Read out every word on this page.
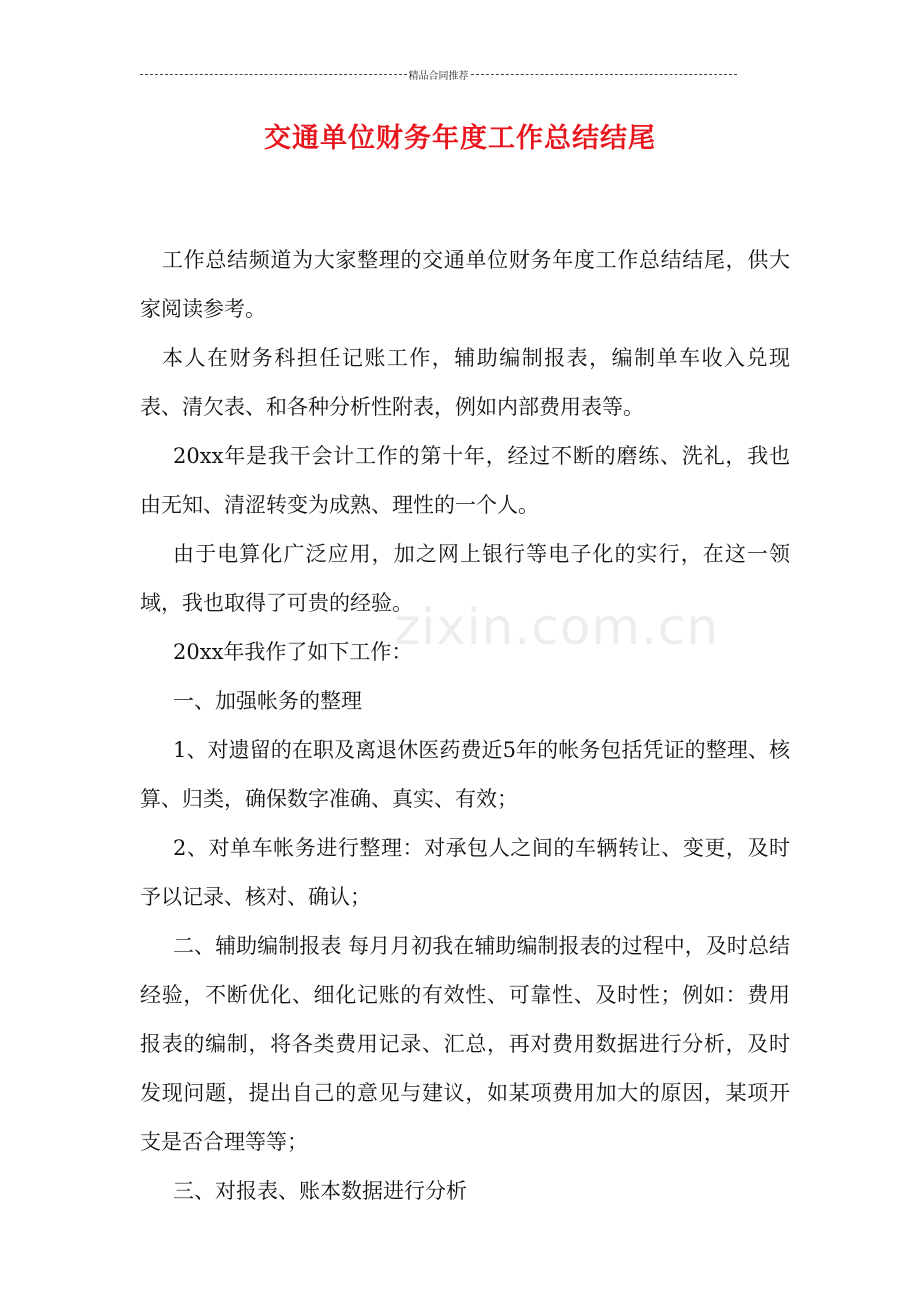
精品合同推荐
交通单位财务年度工作总结结尾

工作总结频道为大家整理的交通单位财务年度工作总结结尾，供大家阅读参考。

本人在财务科担任记账工作，辅助编制报表，编制单车收入兑现表、清欠表、和各种分析性附表，例如内部费用表等。

20xx年是我干会计工作的第十年，经过不断的磨练、洗礼，我也由无知、清涩转变为成熟、理性的一个人。

由于电算化广泛应用，加之网上银行等电子化的实行，在这一领域，我也取得了可贵的经验。

20xx年我作了如下工作：

一、加强帐务的整理

1、对遗留的在职及离退休医药费近5年的帐务包括凭证的整理、核算、归类，确保数字准确、真实、有效；

2、对单车帐务进行整理：对承包人之间的车辆转让、变更，及时予以记录、核对、确认；

二、辅助编制报表 每月月初我在辅助编制报表的过程中，及时总结经验，不断优化、细化记账的有效性、可靠性、及时性；例如：费用报表的编制，将各类费用记录、汇总，再对费用数据进行分析，及时发现问题，提出自己的意见与建议，如某项费用加大的原因，某项开支是否合理等等；

三、对报表、账本数据进行分析

zixin.com.cn
